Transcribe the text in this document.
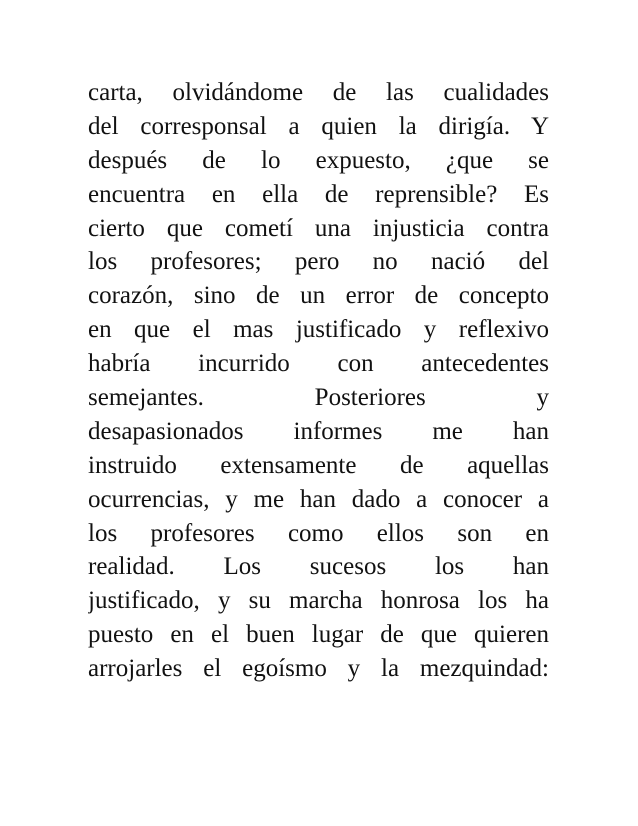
carta, olvidándome de las cualidades
del corresponsal a quien la dirigía. Y
después de lo expuesto, ¿que se
encuentra en ella de reprensible? Es
cierto que cometí una injusticia contra
los profesores; pero no nació del
corazón, sino de un error de concepto
en que el mas justificado y reflexivo
habría incurrido con antecedentes
semejantes. Posteriores y
desapasionados informes me han
instruido extensamente de aquellas
ocurrencias, y me han dado a conocer a
los profesores como ellos son en
realidad. Los sucesos los han
justificado, y su marcha honrosa los ha
puesto en el buen lugar de que quieren
arrojarles el egoísmo y la mezquindad:
